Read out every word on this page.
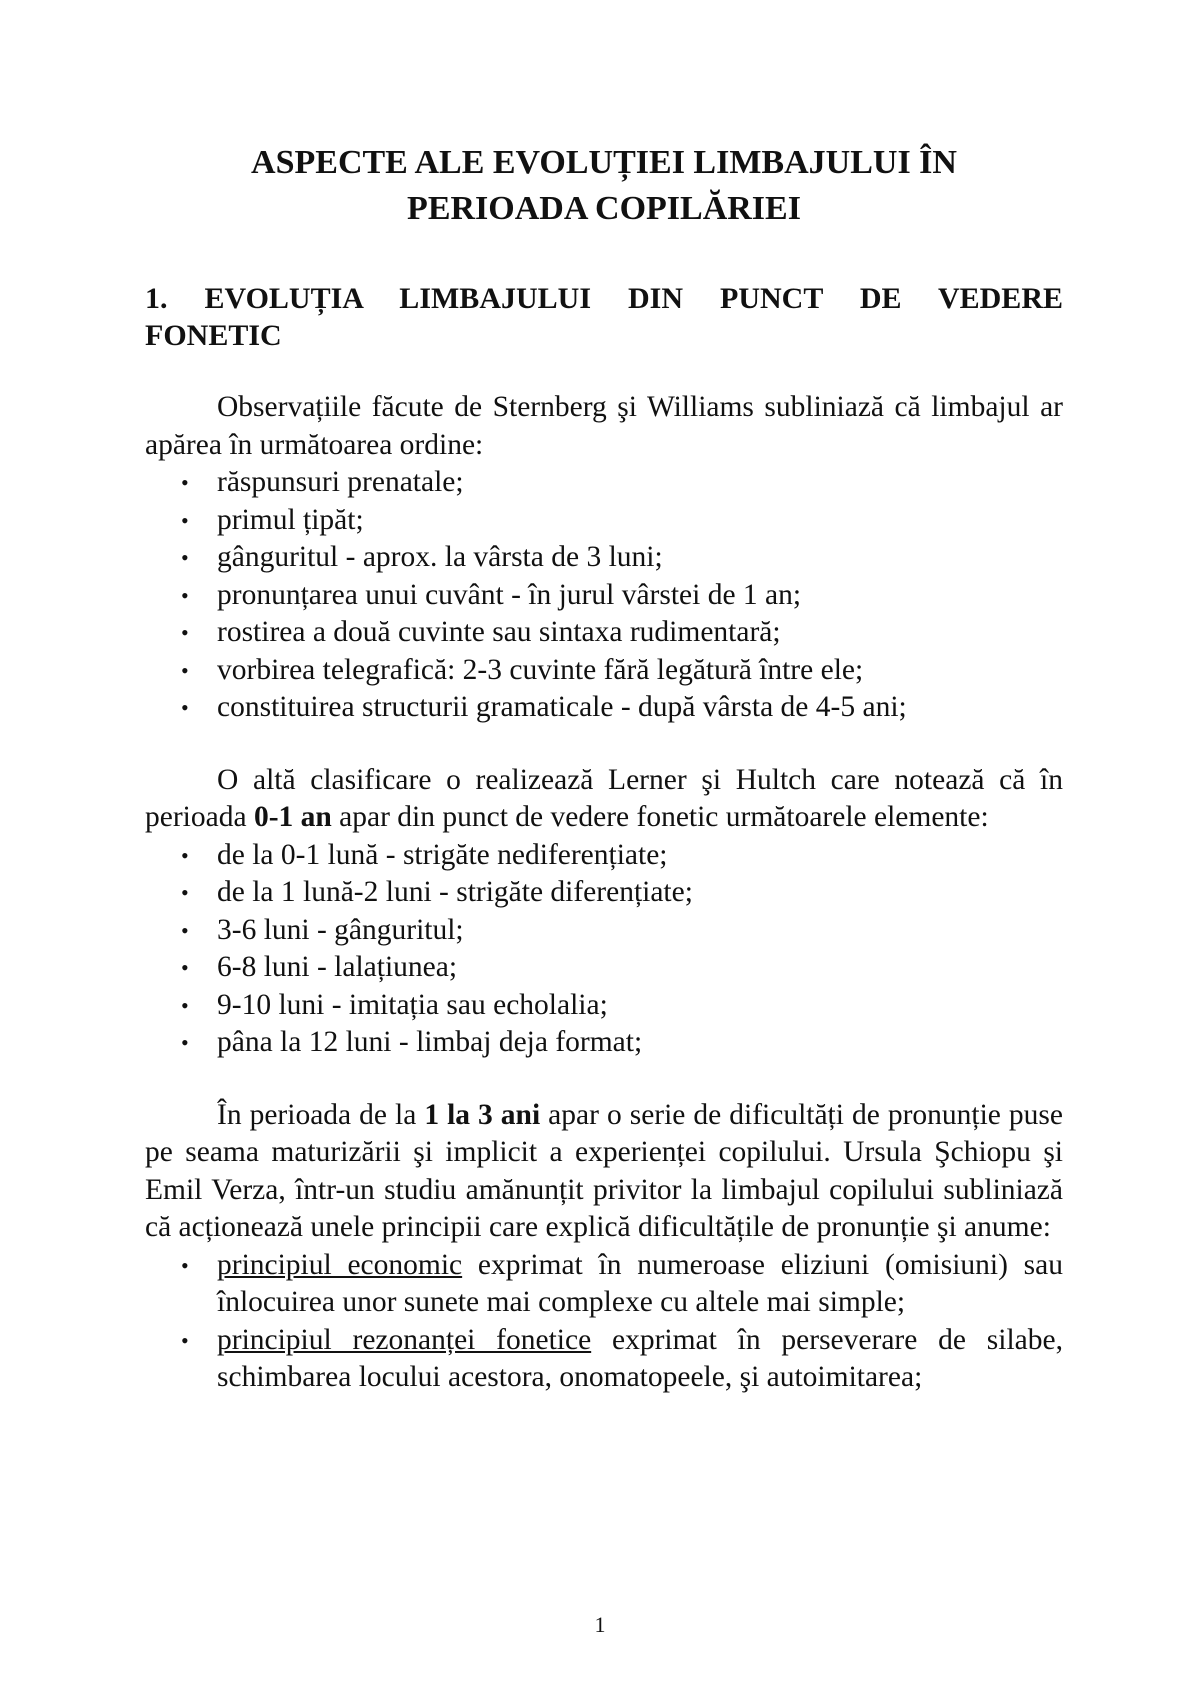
ASPECTE ALE EVOLUȚIEI LIMBAJULUI ÎN
PERIOADA COPILĂRIEI
1. EVOLUȚIA LIMBAJULUI DIN PUNCT DE VEDERE
FONETIC

Observațiile făcute de Sternberg şi Williams subliniază că limbajul ar apărea în următoarea ordine:

• răspunsuri prenatale;
• primul țipăt;
• gânguritul - aprox. la vârsta de 3 luni;
• pronunțarea unui cuvânt - în jurul vârstei de 1 an;
• rostirea a două cuvinte sau sintaxa rudimentară;
• vorbirea telegrafică: 2-3 cuvinte fără legătură între ele;
• constituirea structurii gramaticale - după vârsta de 4-5 ani;

O altă clasificare o realizează Lerner şi Hultch care notează că în perioada 0-1 an apar din punct de vedere fonetic următoarele elemente:

• de la 0-1 lună - strigăte nediferențiate;
• de la 1 lună-2 luni - strigăte diferențiate;
• 3-6 luni - gânguritul;
• 6-8 luni - lalațiunea;
• 9-10 luni - imitația sau echolalia;
• pâna la 12 luni - limbaj deja format;

În perioada de la 1 la 3 ani apar o serie de dificultăți de pronunție puse pe seama maturizării şi implicit a experienței copilului. Ursula Şchiopu şi Emil Verza, într-un studiu amănunțit privitor la limbajul copilului subliniază că acționează unele principii care explică dificultățile de pronunție şi anume:

• principiul economic exprimat în numeroase eliziuni (omisiuni) sau înlocuirea unor sunete mai complexe cu altele mai simple;
• principiul rezonanței fonetice exprimat în perseverare de silabe, schimbarea locului acestora, onomatopeele, şi autoimitarea;
1
